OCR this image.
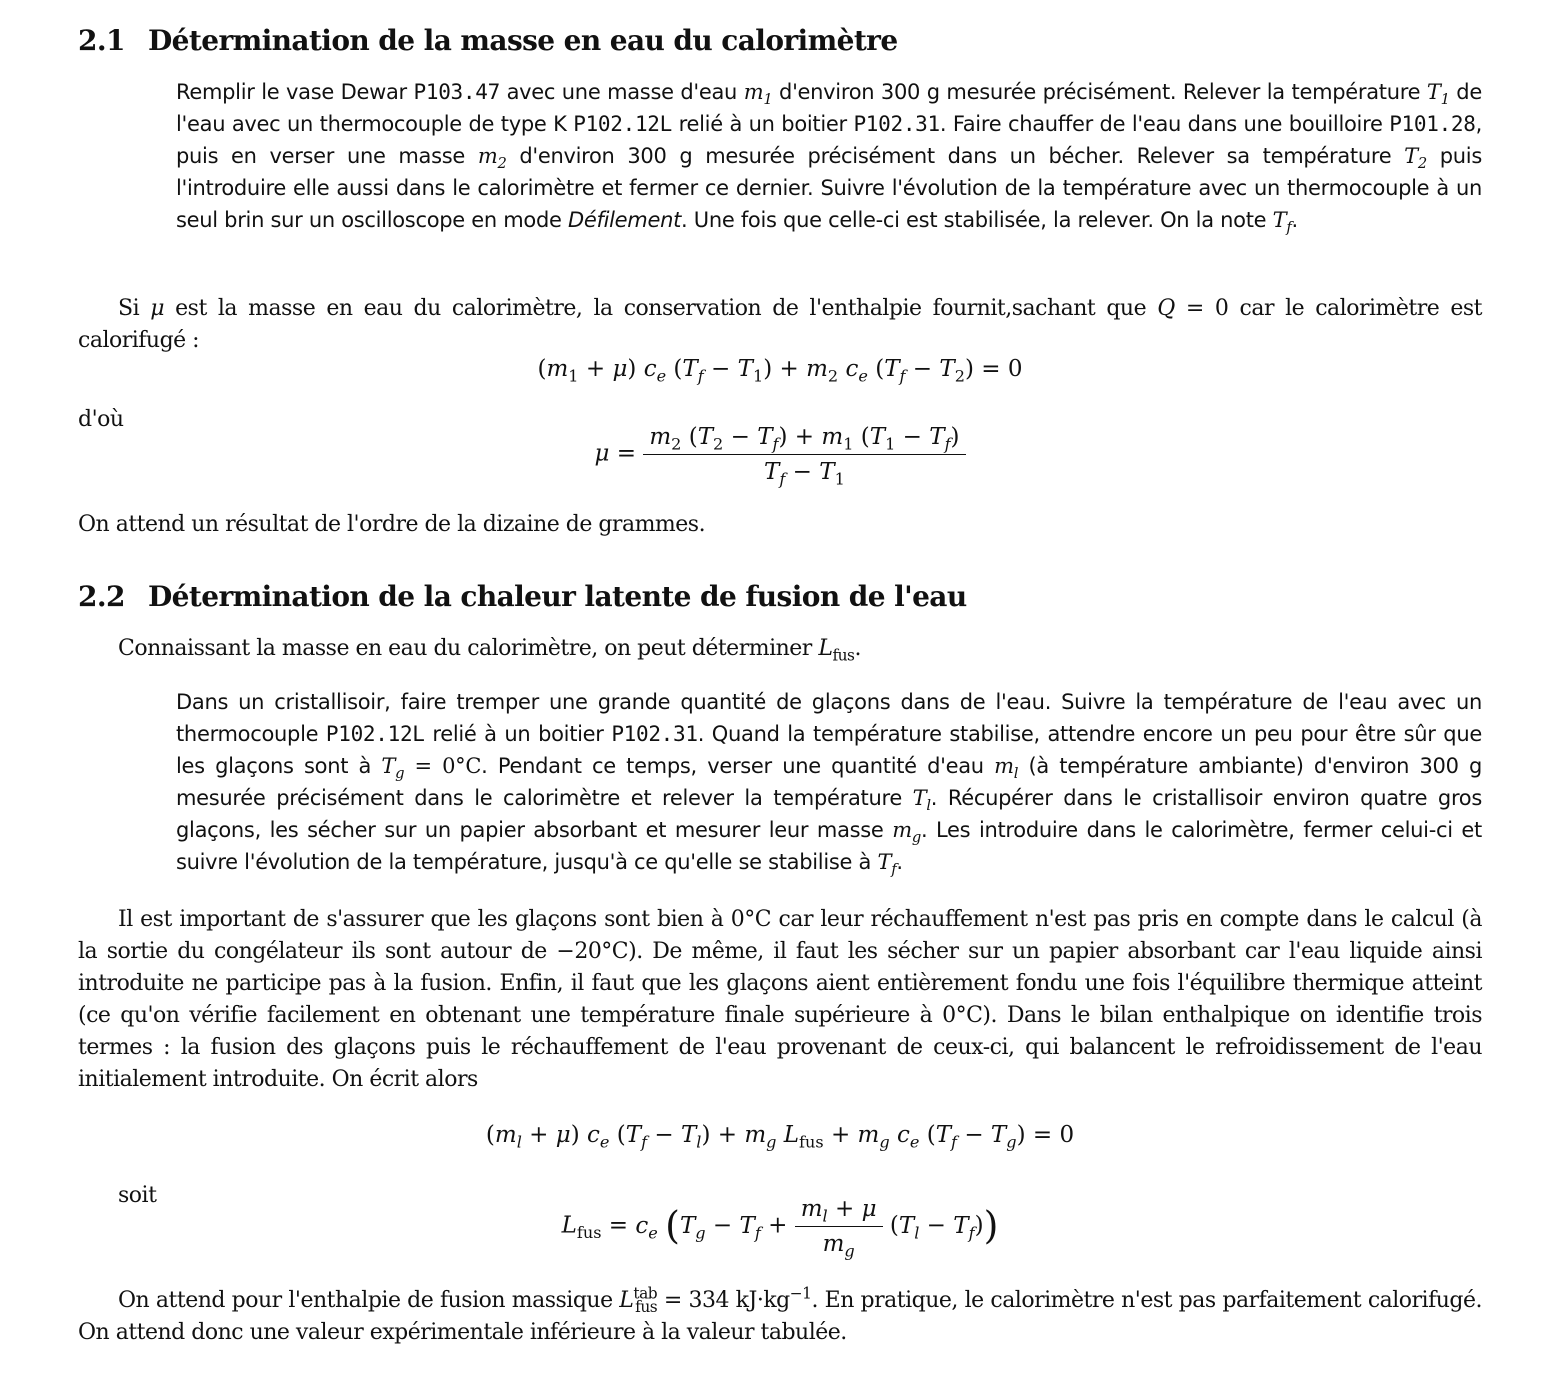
2.1 Détermination de la masse en eau du calorimètre
Remplir le vase Dewar P103.47 avec une masse d'eau $m_1$ d'environ 300 g mesurée précisément. Relever la température $T_1$ de l'eau avec un thermocouple de type K P102.12L relié à un boitier P102.31. Faire chauffer de l'eau dans une bouilloire P101.28, puis en verser une masse $m_2$ d'environ 300 g mesurée précisément dans un bécher. Relever sa température $T_2$ puis l'introduire elle aussi dans le calorimètre et fermer ce dernier. Suivre l'évolution de la température avec un thermocouple à un seul brin sur un oscilloscope en mode Défilement. Une fois que celle-ci est stabilisée, la relever. On la note $T_f$.
Si μ est la masse en eau du calorimètre, la conservation de l'enthalpie fournit,sachant que Q = 0 car le calorimètre est calorifugé :
$(m_1 + \mu)$ $c_e$ $(T_f - T_1) + m_2$ $c_e$ $(T_f - T_2) = 0$
d'où
$\mu = \frac{m_2 (T_2 - T_f) + m_1 (T_1 - T_f)}{T_f - T_1}$
On attend un résultat de l'ordre de la dizaine de grammes.
2.2 Détermination de la chaleur latente de fusion de l'eau
Connaissant la masse en eau du calorimètre, on peut déterminer $L_{fus}$.
Dans un cristallisoir, faire tremper une grande quantité de glaçons dans de l'eau. Suivre la température de l'eau avec un thermocouple P102.12L relié à un boitier P102.31. Quand la température stabilise, attendre encore un peu pour être sûr que les glaçons sont à $T_g = 0^\circ C$. Pendant ce temps, verser une quantité d'eau $m_l$ (à température ambiante) d'environ 300 g mesurée précisément dans le calorimètre et relever la température $T_l$. Récupérer dans le cristallisoir environ quatre gros glaçons, les sécher sur un papier absorbant et mesurer leur masse $m_g$. Les introduire dans le calorimètre, fermer celui-ci et suivre l'évolution de la température, jusqu'à ce qu'elle se stabilise à $T_f$.
Il est important de s'assurer que les glaçons sont bien à 0°C car leur réchauffement n'est pas pris en compte dans le calcul (à la sortie du congélateur ils sont autour de −20°C). De même, il faut les sécher sur un papier absorbant car l'eau liquide ainsi introduite ne participe pas à la fusion. Enfin, il faut que les glaçons aient entièrement fondu une fois l'équilibre thermique atteint (ce qu'on vérifie facilement en obtenant une température finale supérieure à 0°C). Dans le bilan enthalpique on identifie trois termes : la fusion des glaçons puis le réchauffement de l'eau provenant de ceux-ci, qui balancent le refroidissement de l'eau initialement introduite. On écrit alors
$(m_l + \mu)$ $c_e$ $(T_f - T_l) + m_g$ $L_{fus} + m_g$ $c_e$ $(T_f - T_g) = 0$
soit
$L_{fus} = c_e$ $(T_g - T_f + \frac{m_l + \mu}{m_g} (T_l - T_f))$
On attend pour l'enthalpie de fusion massique $L^{tab}_{fus} = 334$ $kJ\cdot kg^{-1}$. En pratique, le calorimètre n'est pas parfaitement calorifugé. On attend donc une valeur expérimentale inférieure à la valeur tabulée.
